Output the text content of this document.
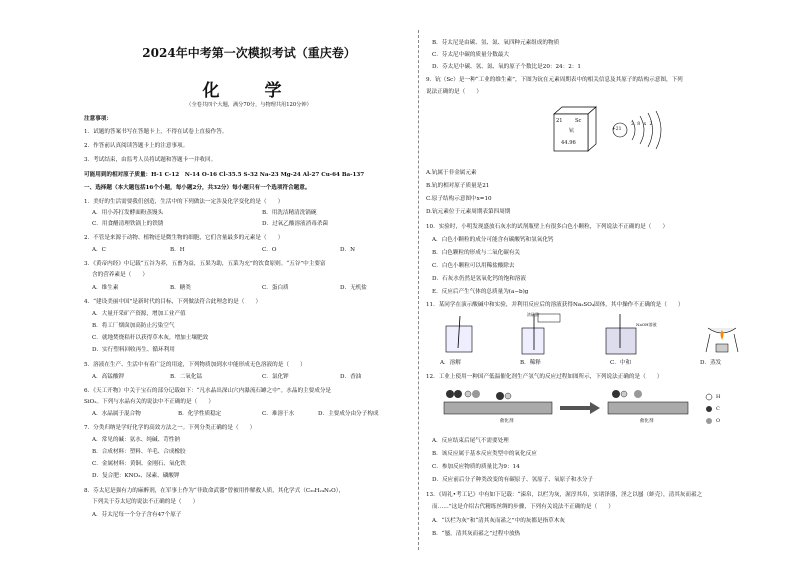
2024年中考第一次模拟考试（重庆卷）
化　学
（全卷共四个大题，满分70分，与物理共用120分钟）
注意事项：
1．试题的答案书写在答题卡上，不得在试卷上直接作答。
2．作答前认真阅读答题卡上的注意事项。
3．考试结束，由监考人员将试题和答题卡一并收回。
可能用到的相对原子质量：H-1 C-12　N-14 O-16 Cl-35.5 S-32 Na-23 Mg-24 Al-27 Cu-64 Ba-137
一、选择题（本大题包括16个小题，每小题2分，共32分）每小题只有一个选项符合题意。
1．美好的生活需要我们创造，生活中的下列做法一定涉及化学变化的是（　　）
A．用小苏打发酵面粉蒸馒头	B．用洗洁精清洗锅碗
C．用食醋清理铁锅上的铁锈	D．过氧乙酸溶液消毒杀菌
2．不管是来源于动物、植物还是微生物的细胞，它们含量最多的元素是（　　）
A．C	B．H	C．O	D．N
3．《黄帝内经》中记载“五谷为养，五畜为益，五果为助，五菜为充”的饮食原则。“五谷”中主要富
含的营养素是（　　）
A．维生素	B．糖类	C．蛋白质	D．无机盐
4．“建设美丽中国”是新时代的目标，下列做法符合此理念的是（　　）
A．大量开采矿产资源，增加工业产值
B．将工厂烟囱加高防止污染空气
C．就地焚烧秸秆以获得草木灰，增加土壤肥效
D．实行塑料回收再生、循环利用
5．溶液在生产、生活中有着广泛的用途，下列物质加到水中能形成无色溶液的是（　　）
A．高锰酸钾	B．二氧化锰	C．氯化钾	D．香油
6．《天工开物》中关于宝石的部分记载如下：“凡水晶出深山穴内瀑流石罅之中”。水晶的主要成分是
SiO₂。下列与水晶有关的说法中不正确的是（　　）
A．水晶属于混合物	B．化学性质稳定	C．难溶于水	D．主要成分由分子构成
7．分类归纳是学好化学的高效方法之一。下列分类正确的是（　　）
A．常见的碱：氨水、纯碱、苛性钠
B．合成材料：塑料、羊毛、合成橡胶
C．金属材料：黄铜、金刚石、氧化铁
D．复合肥：KNO₃、尿素、磷酸钾
8．芬太尼是强有力的麻醉剂，在军事上作为“非致命武器”曾被用作解救人质，其化学式（C₂₀H₂₄N₂O），
下列关于芬太尼的说法不正确的是（　　）
A．芬太尼每一个分子含有47个原子
B．芬太尼是由碳、氢、氮、氧四种元素组成的物质
C．芬太尼中碳的质量分数最大
D．芬太尼中碳、氢、氮、氧的原子个数比是20：24：2：1
9．钪（Sc）是一种“工业的维生素”，下图为钪在元素周期表中的相关信息及其原子的结构示意图，下列
说法正确的是（　　）
21 Sc
钪
44.96
+21
2 8 x 2
A.钪属于非金属元素
B.钪的相对原子质量是21
C.原子结构示意图中x=10
D.钪元素位于元素周期表第四周期
10．实验时，小明发现盛放石灰水的试剂瓶壁上有很多白色小颗粒，下列说法不正确的是（　　）
A．白色小颗粒的成分可能含有碳酸钙和氢氧化钙
B．白色颗粒的形成与二氧化碳有关
C．白色小颗粒可以用稀盐酸除去
D．石灰水仍然是氢氧化钙的饱和溶液
E．反应后产生气体的总质量为(a−b)g
11．某同学在演示酸碱中和实验，并利用反应后的溶液获得Na₂SO₄固体，其中操作不正确的是（　　）
浓硫酸
NaOH溶液
A．溶解	B．稀释	C．中和	D．蒸发
12．工业上使用一种国产低温催化剂生产氢气的反应过程如图所示，下列说法正确的是（　　）
催化剂	催化剂
H
C
O
A．反应结束后尾气不需要处理
B．该反应属于基本反应类型中的氧化反应
C．参加反应物质的质量比为9：14
D．反应前后分子种类改变的有碳原子、氢原子、氧原子和水分子
13．《周礼•考工记》中有如下记载：“涑帛，以栏为灰，渥淳其帛，实诸泽器，淫之以蜃（蚌壳），清其灰而盝之
而……”这是介绍古代精练丝绸的步骤，下列有关说法不正确的是（　　）
A．“以栏为灰”和“清其灰而盝之”中的灰都是指草木灰
B．“蜃，清其灰而盝之”过程中放热
